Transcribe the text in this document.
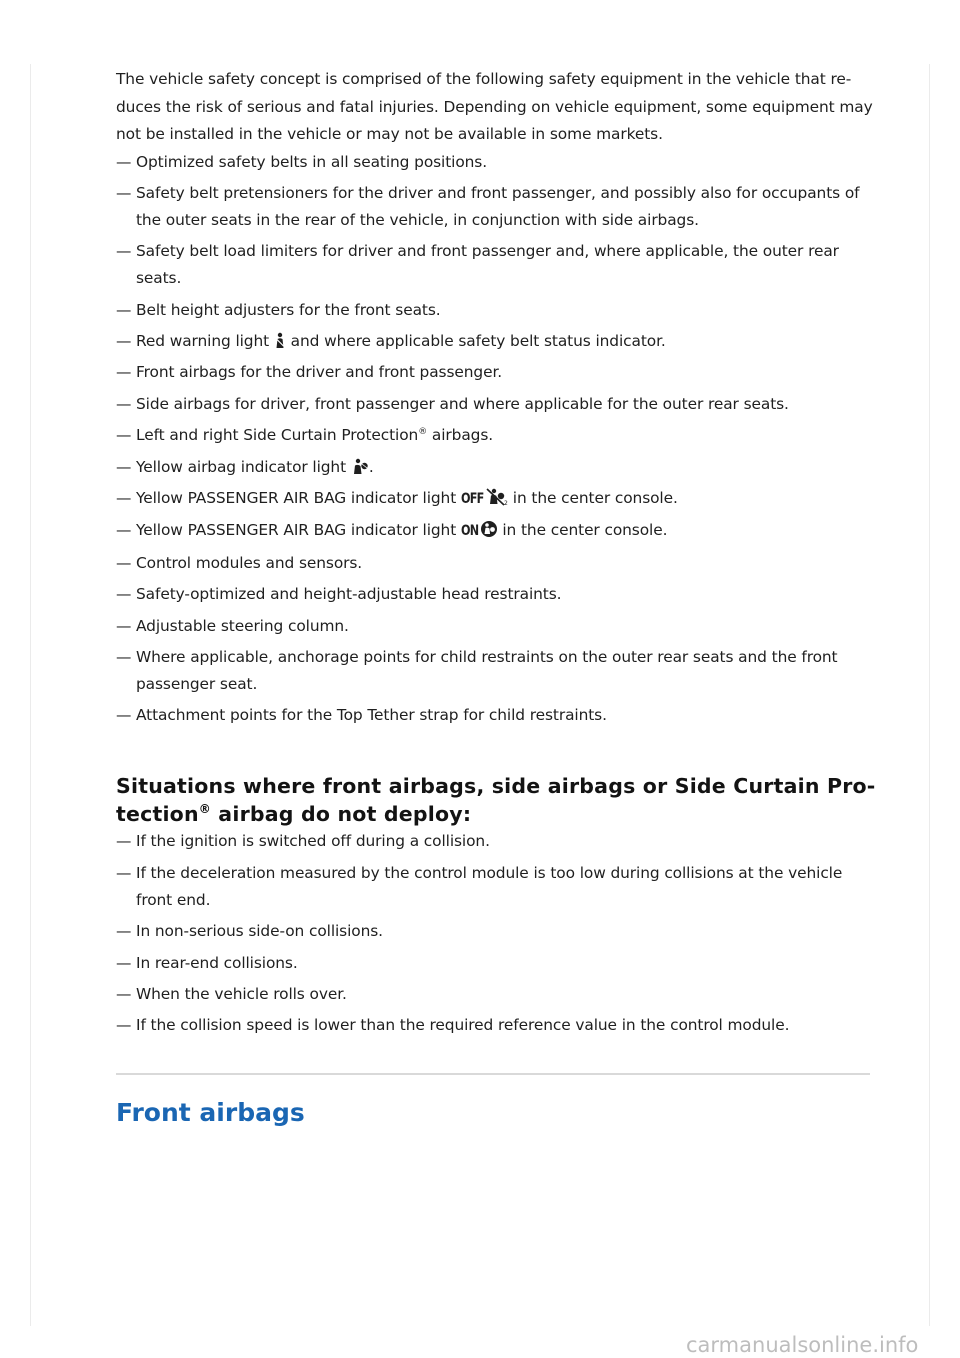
The vehicle safety concept is comprised of the following safety equipment in the vehicle that re-duces the risk of serious and fatal injuries. Depending on vehicle equipment, some equipment may not be installed in the vehicle or may not be available in some markets.

— Optimized safety belts in all seating positions.
— Safety belt pretensioners for the driver and front passenger, and possibly also for occupants of the outer seats in the rear of the vehicle, in conjunction with side airbags.
— Safety belt load limiters for driver and front passenger and, where applicable, the outer rear seats.
— Belt height adjusters for the front seats.
— Red warning light
and where applicable safety belt status indicator.
— Front airbags for the driver and front passenger.
— Side airbags for driver, front passenger and where applicable for the outer rear seats.
— Left and right Side Curtain Protection® airbags.
— Yellow airbag indicator light
.
— Yellow PASSENGER AIR BAG indicator light OFF	2 in the center console.
— Yellow PASSENGER AIR BAG indicator light ON
in the center console.
— Control modules and sensors.
— Safety-optimized and height-adjustable head restraints.
— Adjustable steering column.
— Where applicable, anchorage points for child restraints on the outer rear seats and the front passenger seat.
— Attachment points for the Top Tether strap for child restraints.
Situations where front airbags, side airbags or Side Curtain Pro-tection® airbag do not deploy:
— If the ignition is switched off during a collision.
— If the deceleration measured by the control module is too low during collisions at the vehicle front end.
— In non-serious side-on collisions.
— In rear-end collisions.
— When the vehicle rolls over.
— If the collision speed is lower than the required reference value in the control module.
Front airbags
carmanualsonline.info
